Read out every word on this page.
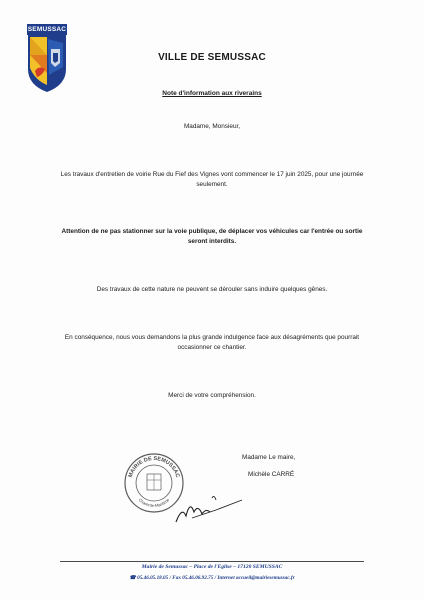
SEMUSSAC
VILLE DE SEMUSSAC
Note d'information aux riverains
Madame, Monsieur,
Les travaux d'entretien de voirie Rue du Fief des Vignes vont commencer le 17 juin 2025, pour une journée seulement.
Attention de ne pas stationner sur la voie publique, de déplacer vos véhicules car l'entrée ou sortie seront interdits.
Des travaux de cette nature ne peuvent se dérouler sans induire quelques gênes.
En conséquence, nous vous demandons la plus grande indulgence face aux désagréments que pourrait occasionner ce chantier.
Merci de votre compréhension.
MAIRIE DE SEMUSSAC
Charente-Maritime
Madame Le maire,
Michèle CARRÉ
Mairie de Semussac – Place de l'Eglise – 17120 SEMUSSAC
☎ 05.46.05.18.05 / Fax 05.46.06.92.75 / Internet accueil@mairiesemussac.fr
